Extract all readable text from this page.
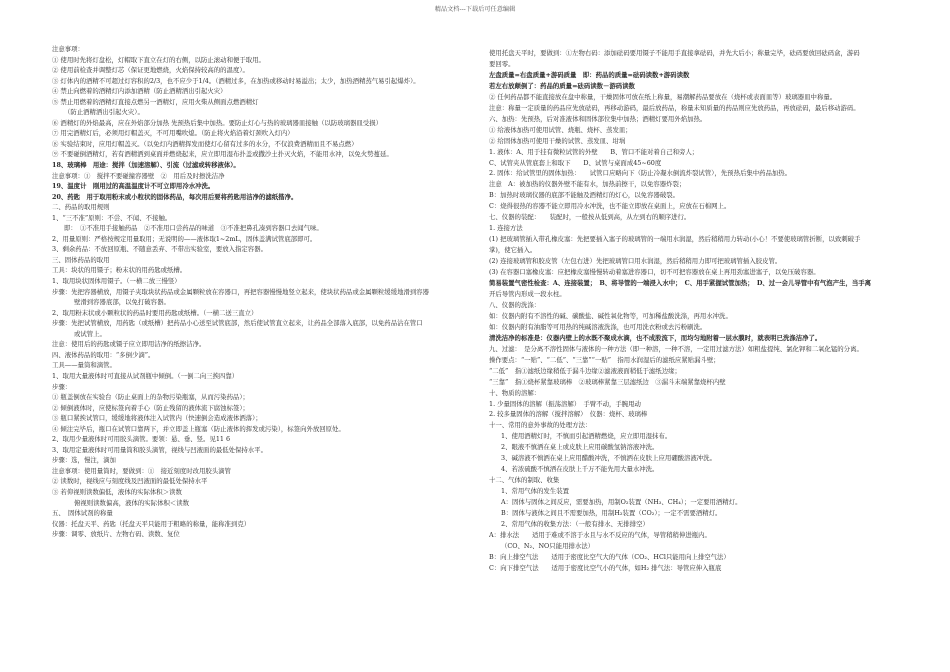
精品文档---下载后可任意编辑
注意事项：
① 使用时先将灯盘松，灯帽取下直立在灯的右侧，以防止滚动和便于取用。
② 使用前检查并调整灯芯（保证更地燃烧，火焰保持较高的的温度）。
③ 灯体内的酒精不可超过灯容积的2/3，也不应少于1/4。（酒精过多，在加热或移动时易溢出；太少，加热酒精蒸气易引起爆炸）。
④ 禁止向燃着的酒精灯内添加酒精（防止酒精洒出引起火灾）
⑤ 禁止用燃着的酒精灯直接点燃另一酒精灯，应用火柴从侧面点燃酒精灯
（防止酒精洒出引起火灾）。
⑥ 酒精灯的外焰最高，应在外焰部分加热 先预热后集中加热。要防止灯心与热的玻璃器皿接触（以防玻璃器皿受损）
⑦ 用完酒精灯后，必须用灯帽盖灭，不可用嘴吹熄。（防止将火焰沿着灯颈吹入灯内）
⑧ 实验结束时，应用灯帽盖灭。（以免灯内酒精挥发而使灯心留有过多的水分，不仅浪费酒精而且不易点燃）
⑨ 不要碰倒酒精灯，若有酒精洒到桌面并燃烧起来，应立即用湿布扑盖或撒沙土扑灭火焰，不能用水冲，以免火势蔓延。
18、玻璃棒　用途：搅拌（加速溶解）、引流（过滤或转移液体）。
注意事项：①　搅拌不要碰撞容器壁　②　用后及时擦洗洁净
19、温度计　刚用过的高温温度计不可立即用冷水冲洗。
20、药匙　用于取用粉末或小粒状的固体药品，每次用后要将药匙用洁净的滤纸揩净。
二、药品的取用规则
1、“三不准”原则：不尝、不闻、不接触。
即：　①不准用手接触药品　②不准用口尝药品的味道　③不准把鼻孔凑到容器口去闻气味。
2、用量原则：严格按规定用量取用；无说明的——液体取1~2mL，固体盖满试管底部即可。
3、剩余药品：不放回原瓶、不随意丢弃、不带出实验室，要放入指定容器。
三、固体药品的取用
工具：块状的用镊子；粉末状的用药匙或纸槽。
1、取用块状固体用镊子。（一横二放三慢竖）
步骤：先把容器横放，用镊子夹取块状药品或金属颗粒放在容器口，再把容器慢慢地竖立起来，使块状药品或金属颗粒缓缓地滑到容器
壁滑到容器底部，以免打破容器。
2、取用粉末状或小颗粒状的药品时要用药匙或纸槽。（一横二送三直立）
步骤：先把试管横放，用药匙（或纸槽）把药品小心送至试管底部，然后使试管直立起来，让药品全部落入底部，以免药品沾在管口
或试管上。
注意：使用后的药匙或镊子应立即用洁净的纸擦洁净。
四、液体药品的取用：“多倒少滴”。
工具——量筒和滴管。
1、取用大量液体时可直接从试剂瓶中倾倒。（一倒二向三挨四靠）
步骤：
① 瓶盖倒放在实验台（防止桌面上的杂物污染瓶塞，从而污染药品）；
② 倾倒液体时，应使标签向着手心（防止残留的液体流下腐蚀标签）；
③ 瓶口紧挨试管口，缓缓地将液体注入试管内（快速倒会造成液体洒落）；
④ 倾注完毕后，瓶口在试管口靠两下，并立即盖上瓶塞（防止液体的挥发或污染），标签向外放回原处。
2、取用少量液体时可用胶头滴管。要领：悬、垂、竖。见11 6
3、取用定量液体时可用量筒和胶头滴管，视线与凹液面的最低处保持水平。
步骤：选，慢注，滴加
注意事项：使用量筒时，要做到：①　接近刻度时改用胶头滴管
② 读数时，视线应与刻度线及凹液面的最低处保持水平
③ 若仰视则读数偏低，液体的实际体积＞读数
俯视则读数偏高，液体的实际体积＜读数
五、　固体试剂的称量
仪器：托盘天平、药匙（托盘天平只能用于粗略的称量，能称准到克）
步骤：调零、放纸片、左物右码、读数、复位
使用托盘天平时，要做到：①左物右码：添加砝码要用镊子不能用手直接拿砝码，并先大后小；称量完毕，砝码要放回砝码盒，游码
要回零。
左盘质量=右盘质量+游码质量　即：药品的质量=砝码读数+游码读数
若左右放颠倒了：药品的质量=砝码读数－游码读数
② 任何药品都不能直接放在盘中称量，干燥固体可放在纸上称量，易潮解药品要放在（烧杯或表面皿等）玻璃器皿中称量。
注意：称量一定质量的药品应先放砝码，再移动游码，最后放药品，称量未知质量的药品则应先放药品，再放砝码，最后移动游码。
六、加热：先预热，后对准液体和固体部位集中加热；酒精灯要用外焰加热。
① 给液体加热可使用试管、烧瓶、烧杯、蒸发皿；
② 给固体加热可使用干燥的试管、蒸发皿、坩埚
1. 液体：A、用于挂有微粒试管的外壁　　B、管口不能对着自己和旁人；
C、试管夹从管底套上和取下　　D、试管与桌面成45~60度
2. 固体：给试管里的固体加热：　　试管口应略向下（防止冷凝水倒流炸裂试管），先预热后集中药品加热。
注意　A：被加热的仪器外壁不能有水，加热前擦干，以免容器炸裂；
B：加热时玻璃仪器的底部不能触及酒精灯的灯心，以免容器破裂。
C：烧得很热的容器不能立即用冷水冲洗，也不能立即放在桌面上，应放在石棉网上。
七、仪器的装配：　　装配时，一般按从低到高，从左到右的顺序进行。
1. 连接方法
(1) 把玻璃管插入带孔橡皮塞：先把要插入塞子的玻璃管的一端用水润湿，然后稍稍用力转动(小心！不要使玻璃管折断，以致刺破手
掌)，使它插入。
(2) 连接玻璃管和胶皮管（左包右进）先把玻璃管口用水润湿，然后稍稍用力即可把玻璃管插入胶皮管。
(3) 在容器口塞橡皮塞：应把橡皮塞慢慢转动着塞进容器口，切不可把容器放在桌上再用劲塞进塞子，以免压破容器。
简易装置气密性检查：A、连接装置；　B、将导管的一端浸入水中；　C、用手紧握试管加热；　D、过一会儿导管中有气泡产生，当手离
开后导管内形成一段水柱。
八、仪器的洗涤：
如：仪器内附有不溶性的碱、碳酸盐、碱性氧化物等，可加稀盐酸洗涤，再用水冲洗。
如：仪器内附有油脂等可用热的纯碱溶液洗涤，也可用洗衣粉或去污粉刷洗。
清洗洁净的标准是：仪器内壁上的水既不聚成水滴，也不成股流下，而均匀地附着一层水膜时，就表明已洗涤洁净了。
九、过滤：　是分离不溶性固体与液体的一种方法（即一种溶，一种不溶，一定用过滤方法）如粗盐提纯、氯化钾和二氧化锰的分离。
操作要点：“一贴”、“二低”、“三靠”“一贴”　指用水润湿后的滤纸应紧贴漏斗壁；
“二低”　指①滤纸边缘稍低于漏斗边缘②滤液液面稍低于滤纸边缘；
“三靠”　指①烧杯紧靠玻璃棒　②玻璃棒紧靠三层滤纸边　③漏斗末端紧靠烧杯内壁
十、物质的溶解：
1. 少量固体的溶解（振荡溶解）　手臂不动，手腕甩动
2. 较多量固体的溶解（搅拌溶解）　仪器：烧杯、玻璃棒
十一、常用的意外事故的处理方法：
1、使用酒精灯时，不慎而引起酒精燃烧，应立即用湿抹布。
2、眼液不慎洒在桌上或皮肤上应用碳酸氢钠溶液冲洗。
3、碱溶液不慎洒在桌上应用醋酸冲洗，不慎洒在皮肤上应用硼酸溶液冲洗。
4、若浓硫酸不慎洒在皮肤上千万不能先用大量水冲洗。
十二、气体的制取、收集
1、常用气体的发生装置
A：固体与固体之间反应，需要加热，用制O₂装置（NH₃、CH₄）；一定要用酒精灯。
B：固体与液体之间且不需要加热，用制H₂装置（CO₂）；一定不需要酒精灯。
2、常用气体的收集方法：（一般有排水、无排排空）
A：排水法　　适用于难或不溶于水且与水不反应的气体，导管稍稍伸进瓶内。
（CO、N₂、NO只能用排水法）
B：向上排空气法　　适用于密度比空气大的气体（CO₂、HCl只能用向上排空气法）
C：向下排空气法　　适用于密度比空气小的气体，如H₂ 排气法：导管应伸入瓶底
